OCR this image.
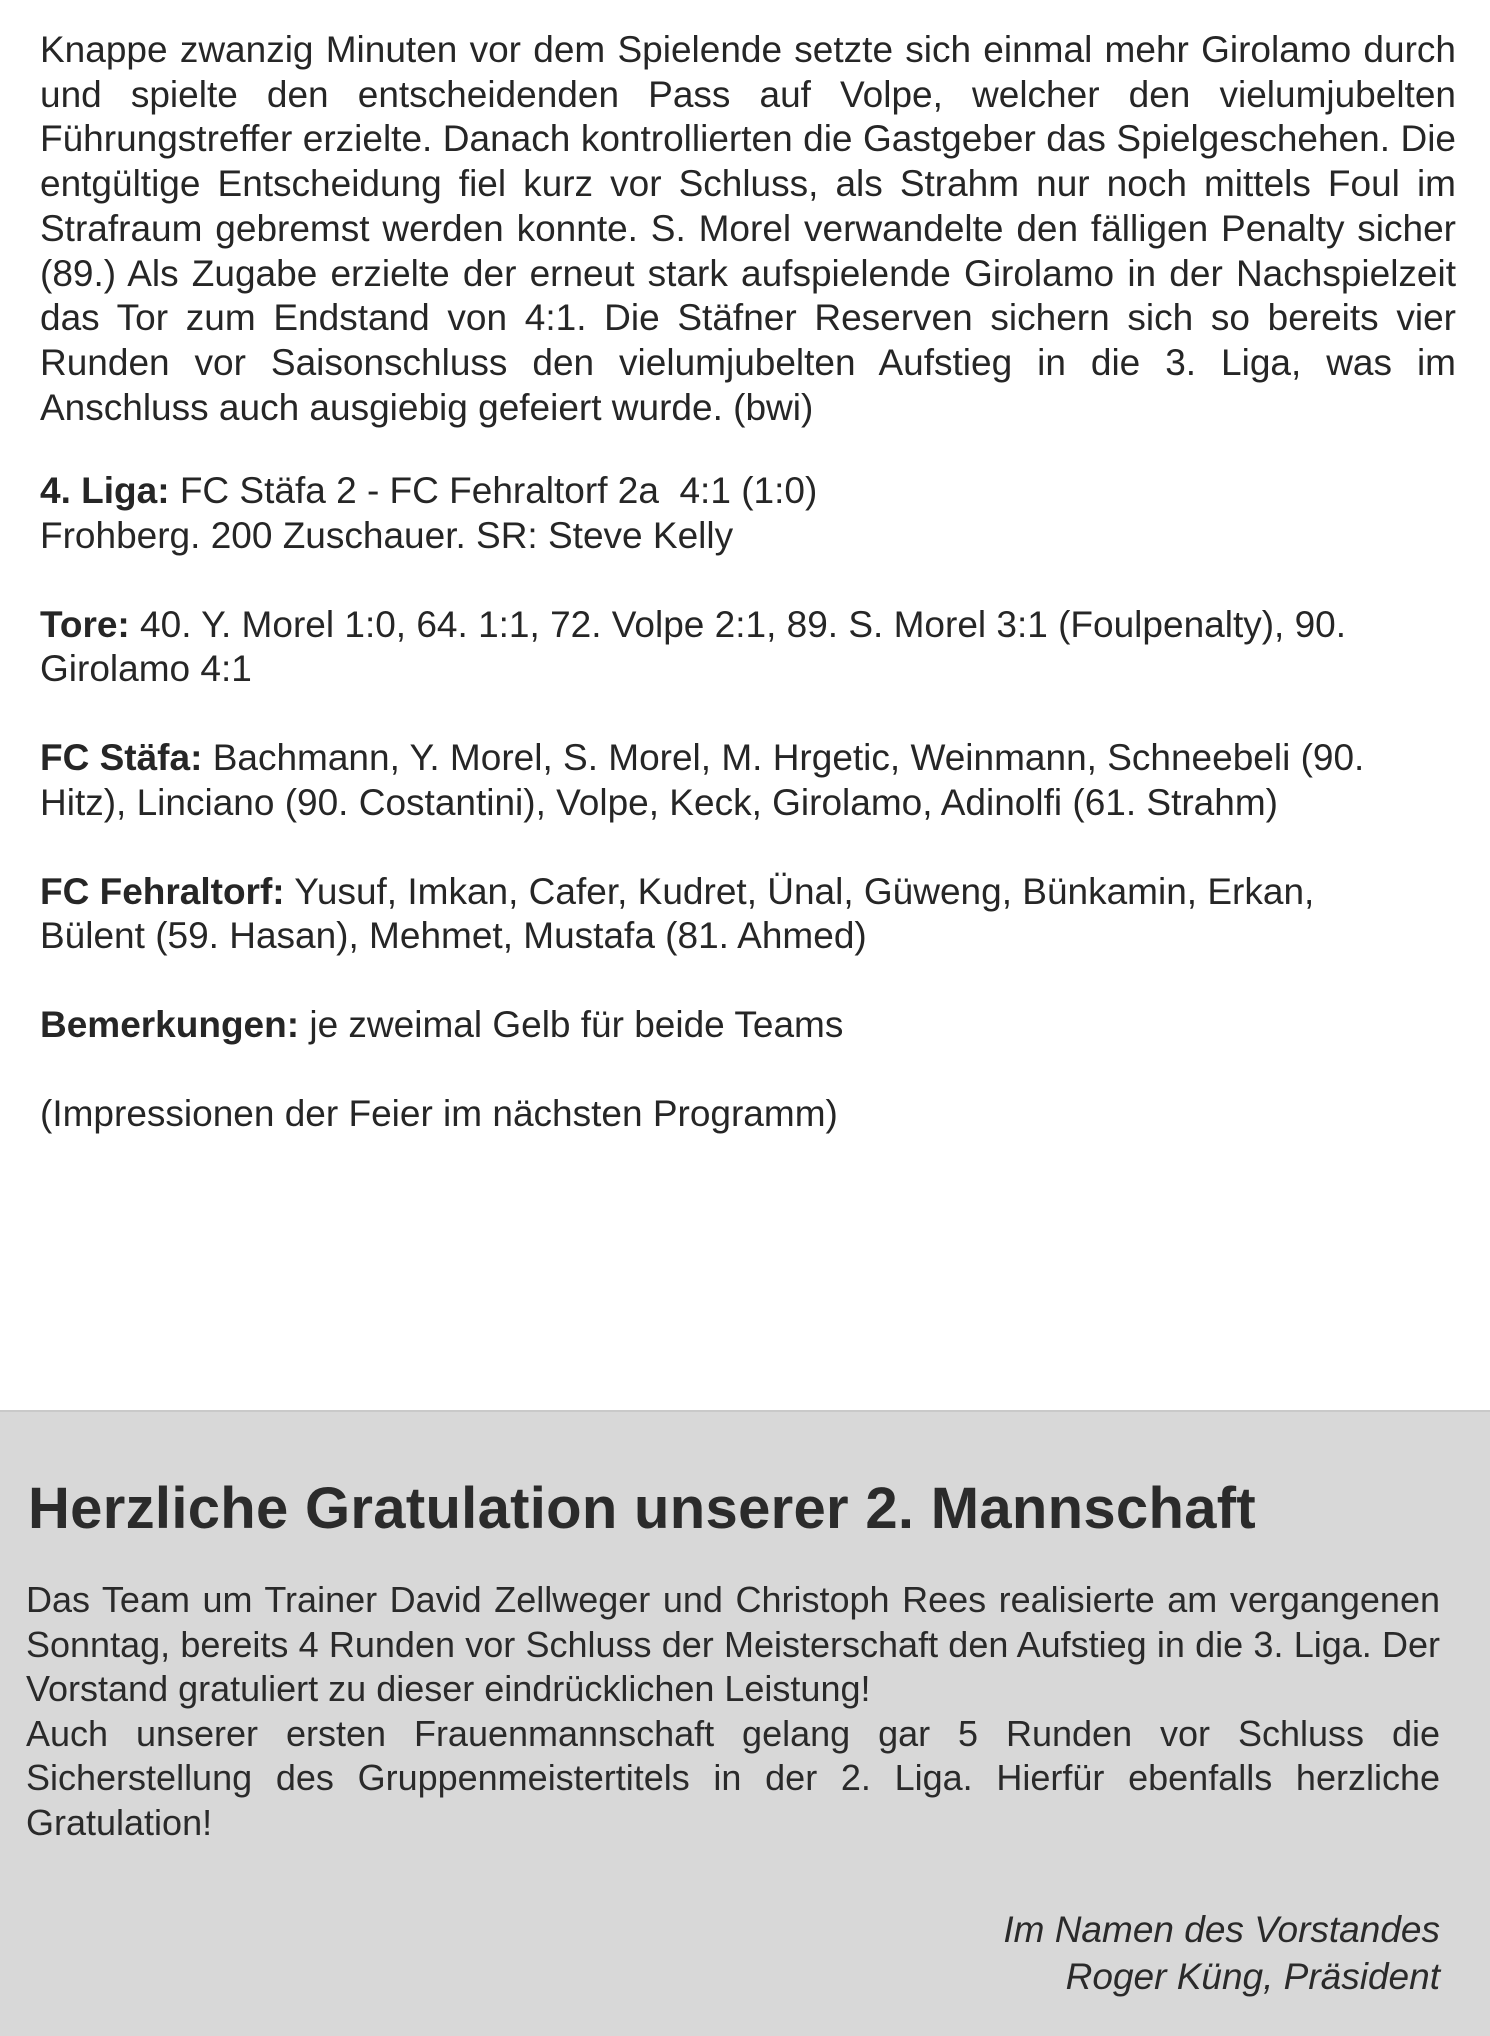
Knappe zwanzig Minuten vor dem Spielende setzte sich einmal mehr Girolamo durch und spielte den entscheidenden Pass auf Volpe, welcher den vielumjubelten Führungstreffer erzielte. Danach kontrollierten die Gastgeber das Spielgeschehen. Die entgültige Entscheidung fiel kurz vor Schluss, als Strahm nur noch mittels Foul im Strafraum gebremst werden konnte. S. Morel verwandelte den fälligen Penalty sicher (89.) Als Zugabe erzielte der erneut stark aufspielende Girolamo in der Nachspielzeit das Tor zum Endstand von 4:1. Die Stäfner Reserven sichern sich so bereits vier Runden vor Saisonschluss den vielumjubelten Aufstieg in die 3. Liga, was im Anschluss auch ausgiebig gefeiert wurde. (bwi)

4. Liga: FC Stäfa 2 - FC Fehraltorf 2a 4:1 (1:0)
Frohberg. 200 Zuschauer. SR: Steve Kelly

Tore: 40. Y. Morel 1:0, 64. 1:1, 72. Volpe 2:1, 89. S. Morel 3:1 (Foulpenalty), 90. Girolamo 4:1

FC Stäfa: Bachmann, Y. Morel, S. Morel, M. Hrgetic, Weinmann, Schneebeli (90. Hitz), Linciano (90. Costantini), Volpe, Keck, Girolamo, Adinolfi (61. Strahm)

FC Fehraltorf: Yusuf, Imkan, Cafer, Kudret, Ünal, Güweng, Bünkamin, Erkan,
Bülent (59. Hasan), Mehmet, Mustafa (81. Ahmed)

Bemerkungen: je zweimal Gelb für beide Teams

(Impressionen der Feier im nächsten Programm)

Herzliche Gratulation unserer 2. Mannschaft

Das Team um Trainer David Zellweger und Christoph Rees realisierte am vergangenen Sonntag, bereits 4 Runden vor Schluss der Meisterschaft den Aufstieg in die 3. Liga. Der Vorstand gratuliert zu dieser eindrücklichen Leistung!

Auch unserer ersten Frauenmannschaft gelang gar 5 Runden vor Schluss die Sicherstellung des Gruppenmeistertitels in der 2. Liga. Hierfür ebenfalls herzliche Gratulation!

Im Namen des Vorstandes
Roger Küng, Präsident
